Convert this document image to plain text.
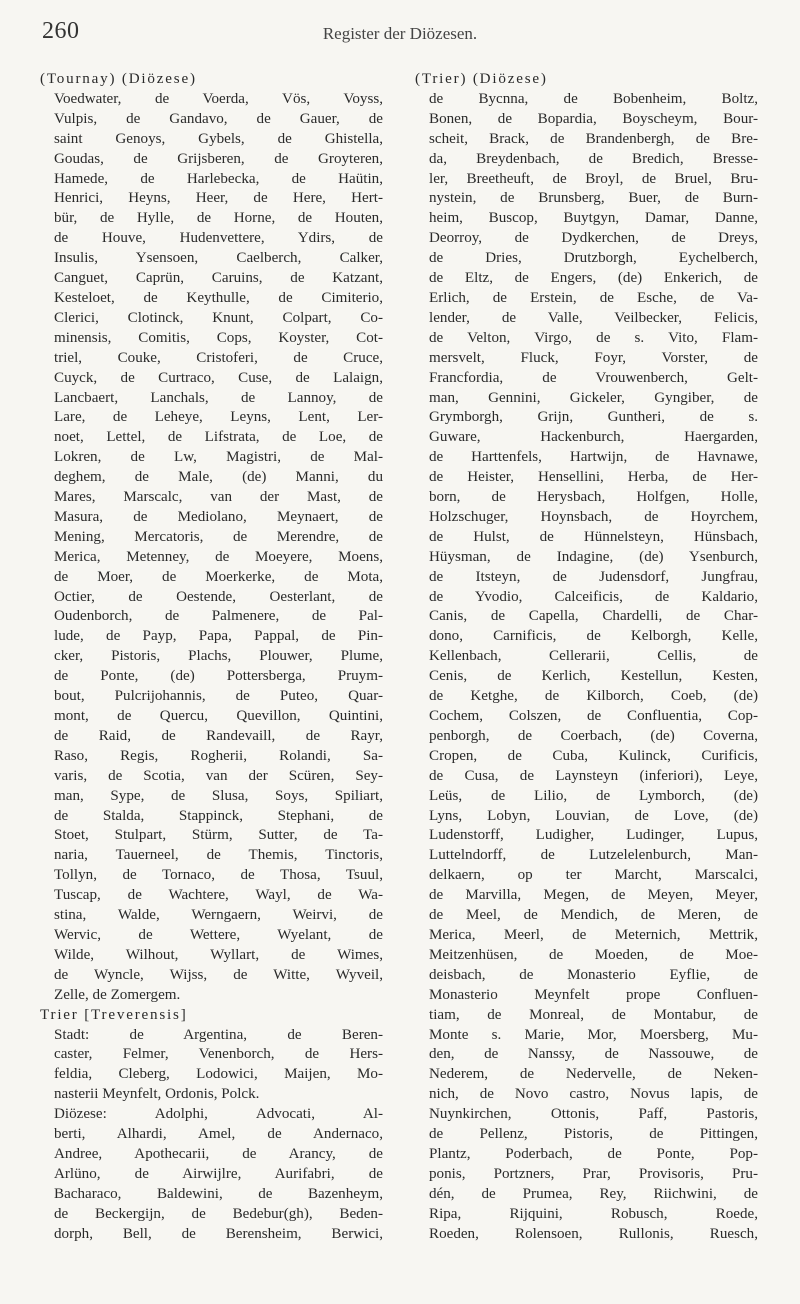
260	Register der Diözesen.
(Tournay) (Diözese)
Voedwater, de Voerda, Vös, Voyss,
Vulpis, de Gandavo, de Gauer, de
saint Genoys, Gybels, de Ghistella,
Goudas, de Grijsberen, de Groyteren,
Hamede, de Harlebecka, de Haütin,
Henrici, Heyns, Heer, de Here, Hert-
bür, de Hylle, de Horne, de Houten,
de Houve, Hudenvettere, Ydirs, de
Insulis, Ysensoen, Caelberch, Calker,
Canguet, Caprün, Caruins, de Katzant,
Kesteloet, de Keythulle, de Cimiterio,
Clerici, Clotinck, Knunt, Colpart, Co-
minensis, Comitis, Cops, Koyster, Cot-
triel, Couke, Cristoferi, de Cruce,
Cuyck, de Curtraco, Cuse, de Lalaign,
Lancbaert, Lanchals, de Lannoy, de
Lare, de Leheye, Leyns, Lent, Ler-
noet, Lettel, de Lifstrata, de Loe, de
Lokren, de Lw, Magistri, de Mal-
deghem, de Male, (de) Manni, du
Mares, Marscalc, van der Mast, de
Masura, de Mediolano, Meynaert, de
Mening, Mercatoris, de Merendre, de
Merica, Metenney, de Moeyere, Moens,
de Moer, de Moerkerke, de Mota,
Octier, de Oestende, Oesterlant, de
Oudenborch, de Palmenere, de Pal-
lude, de Payp, Papa, Pappal, de Pin-
cker, Pistoris, Plachs, Plouwer, Plume,
de Ponte, (de) Pottersberga, Pruym-
bout, Pulcrijohannis, de Puteo, Quar-
mont, de Quercu, Quevillon, Quintini,
de Raid, de Randevaill, de Rayr,
Raso, Regis, Rogherii, Rolandi, Sa-
varis, de Scotia, van der Scüren, Sey-
man, Sype, de Slusa, Soys, Spiliart,
de Stalda, Stappinck, Stephani, de
Stoet, Stulpart, Stürm, Sutter, de Ta-
naria, Tauerneel, de Themis, Tinctoris,
Tollyn, de Tornaco, de Thosa, Tsuul,
Tuscap, de Wachtere, Wayl, de Wa-
stina, Walde, Werngaern, Weirvi, de
Wervic, de Wettere, Wyelant, de
Wilde, Wilhout, Wyllart, de Wimes,
de Wyncle, Wijss, de Witte, Wyveil,
Zelle, de Zomergem.
Trier [Treverensis]
Stadt: de Argentina, de Beren-
caster, Felmer, Venenborch, de Hers-
feldia, Cleberg, Lodowici, Maijen, Mo-
nasterii Meynfelt, Ordonis, Polck.
Diözese: Adolphi, Advocati, Al-
berti, Alhardi, Amel, de Andernaco,
Andree, Apothecarii, de Arancy, de
Arlüno, de Airwijlre, Aurifabri, de
Bacharaco, Baldewini, de Bazenheym,
de Beckergijn, de Bedebur(gh), Beden-
dorph, Bell, de Berensheim, Berwici,
(Trier) (Diözese)
de Bycnna, de Bobenheim, Boltz,
Bonen, de Bopardia, Boyscheym, Bour-
scheit, Brack, de Brandenbergh, de Bre-
da, Breydenbach, de Bredich, Bresse-
ler, Breetheuft, de Broyl, de Bruel, Bru-
nystein, de Brunsberg, Buer, de Burn-
heim, Buscop, Buytgyn, Damar, Danne,
Deorroy, de Dydkerchen, de Dreys,
de Dries, Drutzborgh, Eychelberch,
de Eltz, de Engers, (de) Enkerich, de
Erlich, de Erstein, de Esche, de Va-
lender, de Valle, Veilbecker, Felicis,
de Velton, Virgo, de s. Vito, Flam-
mersvelt, Fluck, Foyr, Vorster, de
Francfordia, de Vrouwenberch, Gelt-
man, Gennini, Gickeler, Gyngiber, de
Grymborgh, Grijn, Guntheri, de s.
Guware, Hackenburch, Haergarden,
de Harttenfels, Hartwijn, de Havnawe,
de Heister, Hensellini, Herba, de Her-
born, de Herysbach, Holfgen, Holle,
Holzschuger, Hoynsbach, de Hoyrchem,
de Hulst, de Hünnelsteyn, Hünsbach,
Hüysman, de Indagine, (de) Ysenburch,
de Itsteyn, de Judensdorf, Jungfrau,
de Yvodio, Calceificis, de Kaldario,
Canis, de Capella, Chardelli, de Char-
dono, Carnificis, de Kelborgh, Kelle,
Kellenbach, Cellerarii, Cellis, de
Cenis, de Kerlich, Kestellun, Kesten,
de Ketghe, de Kilborch, Coeb, (de)
Cochem, Colszen, de Confluentia, Cop-
penborgh, de Coerbach, (de) Coverna,
Cropen, de Cuba, Kulinck, Curificis,
de Cusa, de Laynsteyn (inferiori), Leye,
Leüs, de Lilio, de Lymborch, (de)
Lyns, Lobyn, Louvian, de Love, (de)
Ludenstorff, Ludigher, Ludinger, Lupus,
Luttelndorff, de Lutzelelenburch, Man-
delkaern, op ter Marcht, Marscalci,
de Marvilla, Megen, de Meyen, Meyer,
de Meel, de Mendich, de Meren, de
Merica, Meerl, de Meternich, Mettrik,
Meitzenhüsen, de Moeden, de Moe-
deisbach, de Monasterio Eyflie, de
Monasterio Meynfelt prope Confluen-
tiam, de Monreal, de Montabur, de
Monte s. Marie, Mor, Moersberg, Mu-
den, de Nanssy, de Nassouwe, de
Nederem, de Nedervelle, de Neken-
nich, de Novo castro, Novus lapis, de
Nuynkirchen, Ottonis, Paff, Pastoris,
de Pellenz, Pistoris, de Pittingen,
Plantz, Poderbach, de Ponte, Pop-
ponis, Portzners, Prar, Provisoris, Pru-
dén, de Prumea, Rey, Riichwini, de
Ripa, Rijquini, Robusch, Roede,
Roeden, Rolensoen, Rullonis, Ruesch,
